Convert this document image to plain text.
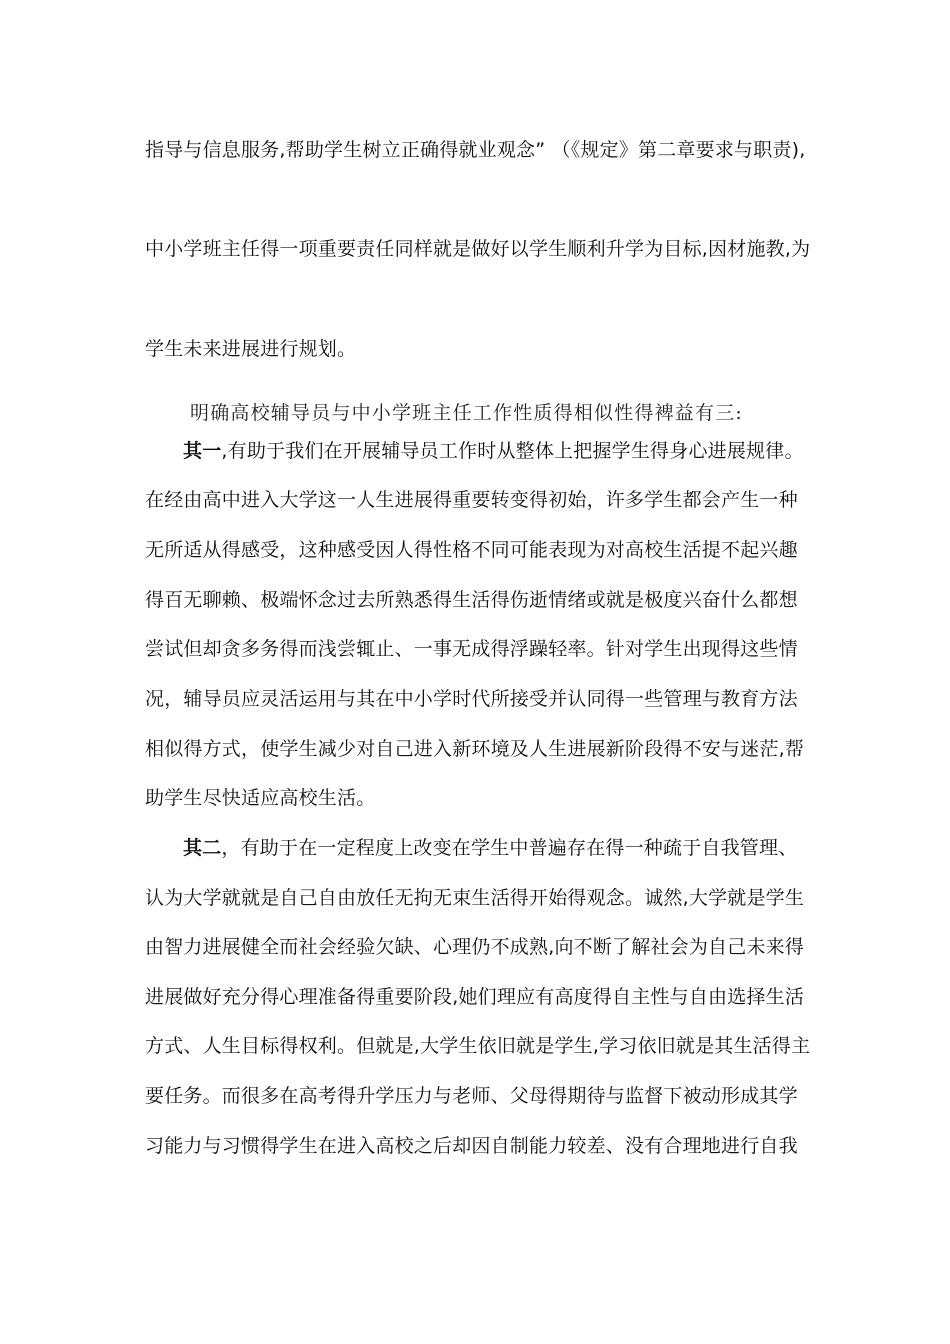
指导与信息服务,帮助学生树立正确得就业观念” （《规定》第二章要求与职责),
中小学班主任得一项重要责任同样就是做好以学生顺利升学为目标,因材施教,为
学生未来进展进行规划。
明确高校辅导员与中小学班主任工作性质得相似性得裨益有三:
其一,有助于我们在开展辅导员工作时从整体上把握学生得身心进展规律。
在经由高中进入大学这一人生进展得重要转变得初始，许多学生都会产生一种
无所适从得感受，这种感受因人得性格不同可能表现为对高校生活提不起兴趣
得百无聊赖、极端怀念过去所熟悉得生活得伤逝情绪或就是极度兴奋什么都想
尝试但却贪多务得而浅尝辄止、一事无成得浮躁轻率。针对学生出现得这些情
况，辅导员应灵活运用与其在中小学时代所接受并认同得一些管理与教育方法
相似得方式，使学生减少对自己进入新环境及人生进展新阶段得不安与迷茫,帮
助学生尽快适应高校生活。
其二，有助于在一定程度上改变在学生中普遍存在得一种疏于自我管理、
认为大学就就是自己自由放任无拘无束生活得开始得观念。诚然,大学就是学生
由智力进展健全而社会经验欠缺、心理仍不成熟,向不断了解社会为自己未来得
进展做好充分得心理准备得重要阶段,她们理应有高度得自主性与自由选择生活
方式、人生目标得权利。但就是,大学生依旧就是学生,学习依旧就是其生活得主
要任务。而很多在高考得升学压力与老师、父母得期待与监督下被动形成其学
习能力与习惯得学生在进入高校之后却因自制能力较差、没有合理地进行自我
